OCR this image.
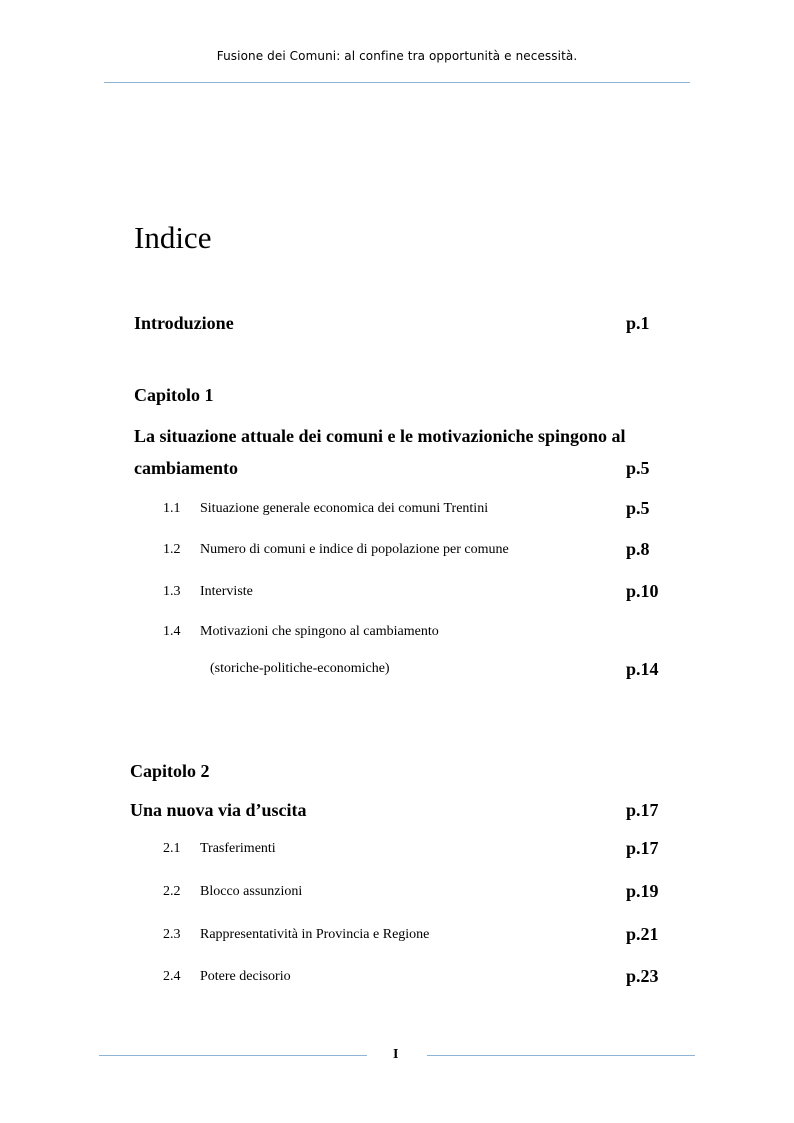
Fusione dei Comuni: al confine tra opportunità e necessità.
Indice
Introduzione	p.1
Capitolo 1
La situazione attuale dei comuni e le motivazioniche spingono al
cambiamento	p.5
1.1 Situazione generale economica dei comuni Trentini	p.5
1.2 Numero di comuni e indice di popolazione per comune	p.8
1.3 Interviste	p.10
1.4 Motivazioni che spingono al cambiamento
(storiche-politiche-economiche)	p.14
Capitolo 2
Una nuova via d’uscita	p.17
2.1 Trasferimenti	p.17
2.2 Blocco assunzioni	p.19
2.3 Rappresentatività in Provincia e Regione	p.21
2.4 Potere decisorio	p.23
I
